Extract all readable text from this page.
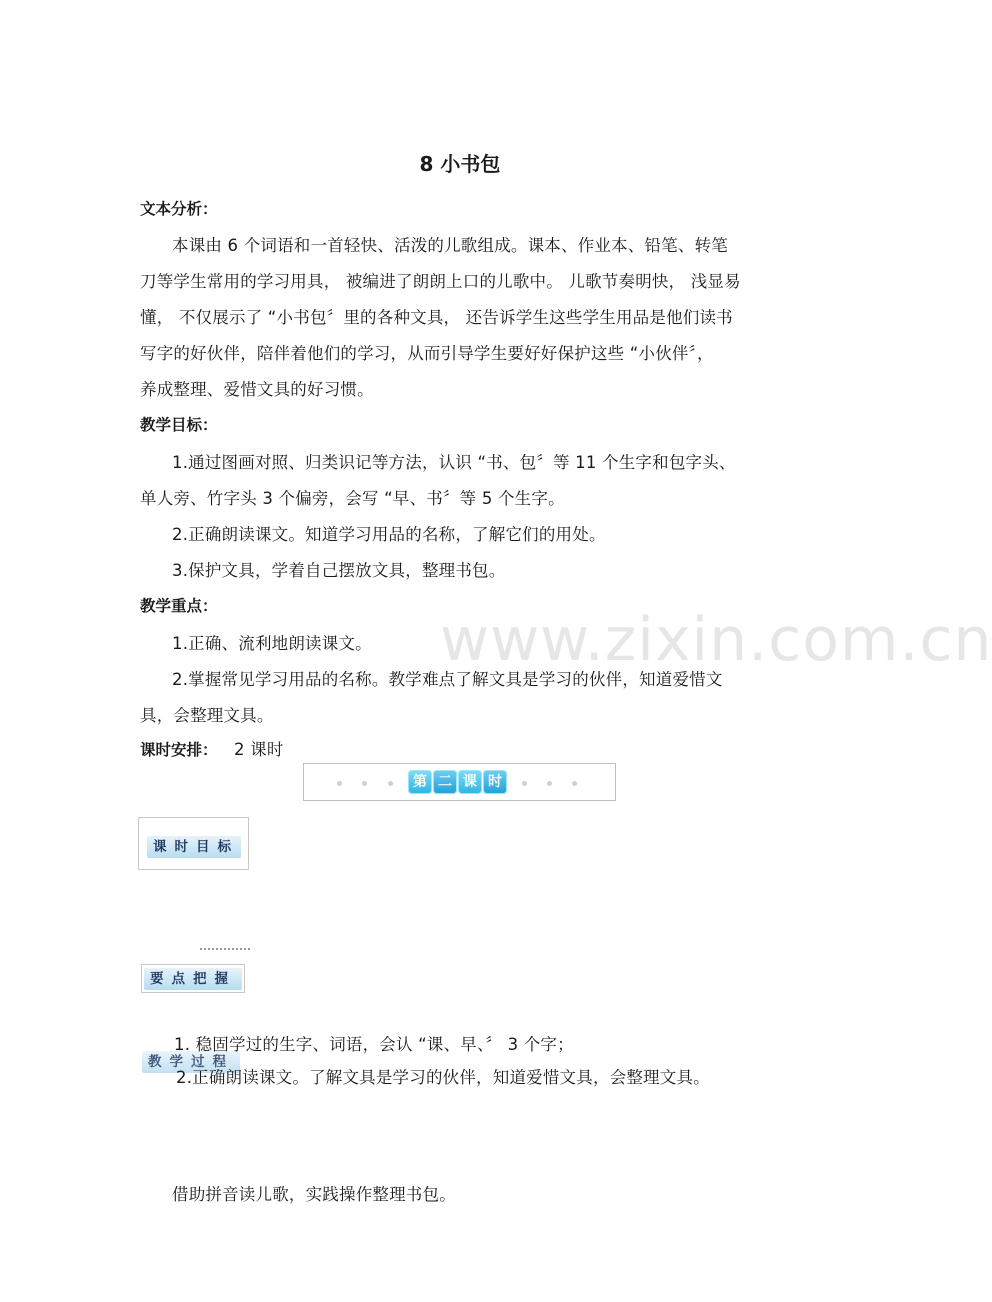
8 小书包
文本分析：
本课由 6 个词语和一首轻快、活泼的儿歌组成。课本、作业本、铅笔、转笔
刀等学生常用的学习用具， 被编进了朗朗上口的儿歌中。 儿歌节奏明快， 浅显易
懂， 不仅展示了 “小书包〞里的各种文具， 还告诉学生这些学生用品是他们读书
写字的好伙伴，陪伴着他们的学习，从而引导学生要好好保护这些 “小伙伴〞，
养成整理、爱惜文具的好习惯。
教学目标：
1.通过图画对照、归类识记等方法，认识 “书、包〞等 11 个生字和包字头、
单人旁、竹字头 3 个偏旁，会写 “早、书〞等 5 个生字。
2.正确朗读课文。知道学习用品的名称，了解它们的用处。
3.保护文具，学着自己摆放文具，整理书包。
www.zixin.com.cn
教学重点：
1.正确、流利地朗读课文。
2.掌握常见学习用品的名称。教学难点了解文具是学习的伙伴，知道爱惜文
具，会整理文具。
课时安排： 2 课时
第 二 课 时
课时目标
要点把握
教学过程
1. 稳固学过的生字、词语，会认 “课、早、〞 3 个字；
2.正确朗读课文。了解文具是学习的伙伴，知道爱惜文具，会整理文具。
借助拼音读儿歌，实践操作整理书包。
